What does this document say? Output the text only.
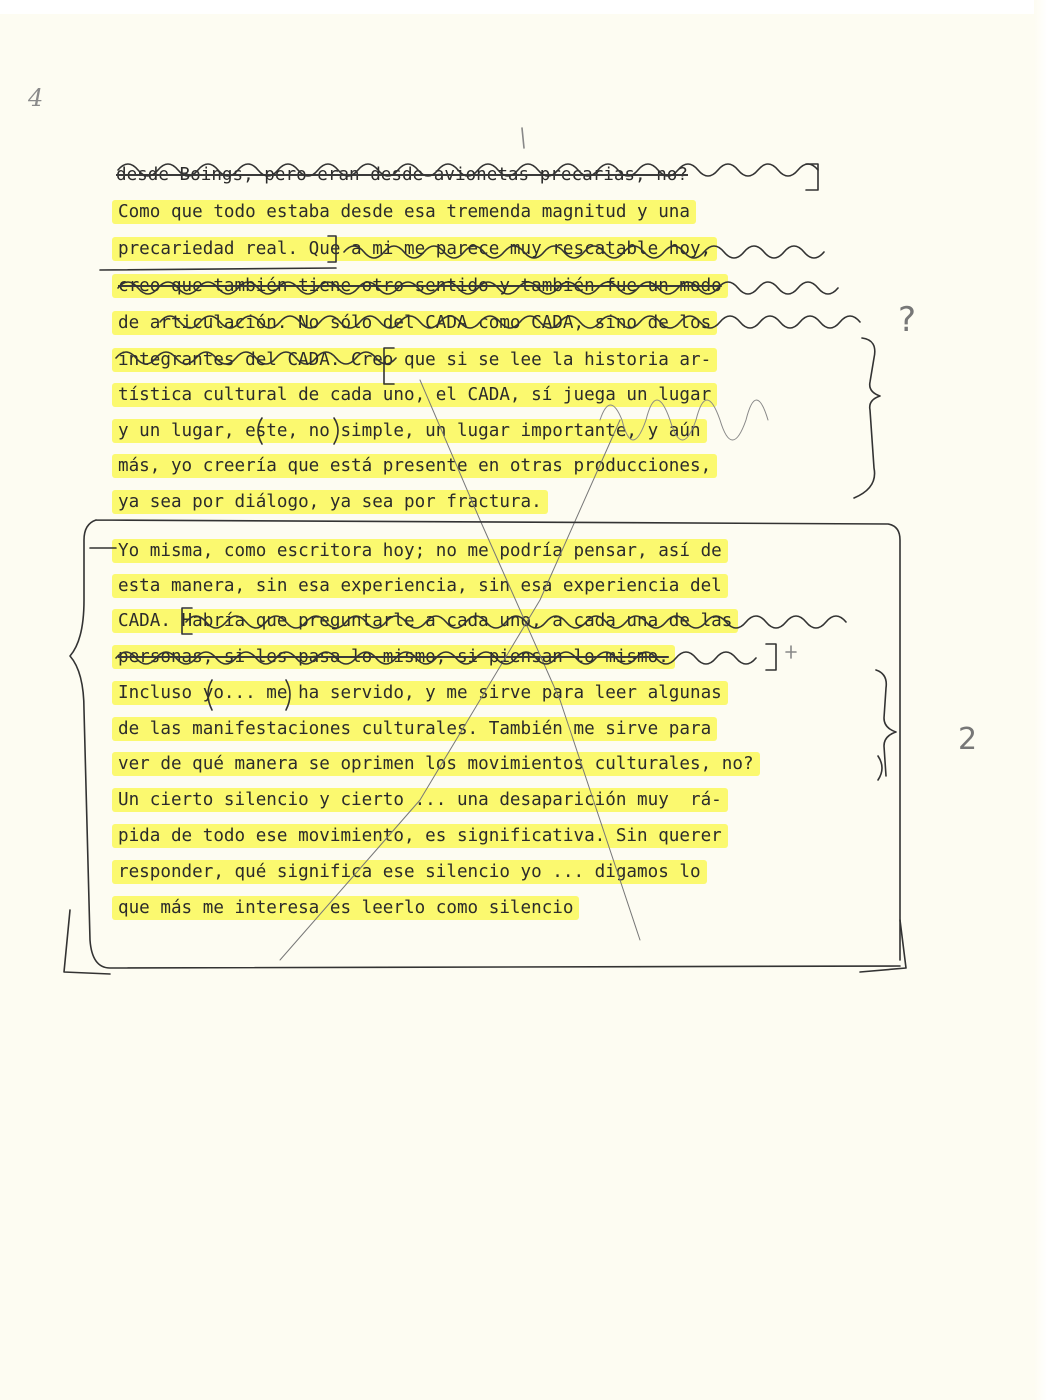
4
?
2
desde Boings, pero eran desde avionetas precarias, no?
Como que todo estaba desde esa tremenda magnitud y una
precariedad real. Que a mi me parece muy rescatable hoy,
creo que también tiene otro sentido y también fue un modo
de articulación. No sólo del CADA como CADA, sino de los
integrantes del CADA. Creo que si se lee la historia ar-
tística cultural de cada uno, el CADA, sí juega un lugar
y un lugar, este, no simple, un lugar importante, y aún
más, yo creería que está presente en otras producciones,
ya sea por diálogo, ya sea por fractura.
Yo misma, como escritora hoy; no me podría pensar, así de
esta manera, sin esa experiencia, sin esa experiencia del
CADA. Habría que preguntarle a cada uno, a cada una de las
personas, si les pasa lo mismo, si piensan lo mismo.
Incluso yo... me ha servido, y me sirve para leer algunas
de las manifestaciones culturales. También me sirve para
ver de qué manera se oprimen los movimientos culturales, no?
Un cierto silencio y cierto ... una desaparición muy  rá-
pida de todo ese movimiento, es significativa. Sin querer
responder, qué significa ese silencio yo ... digamos lo
que más me interesa es leerlo como silencio
